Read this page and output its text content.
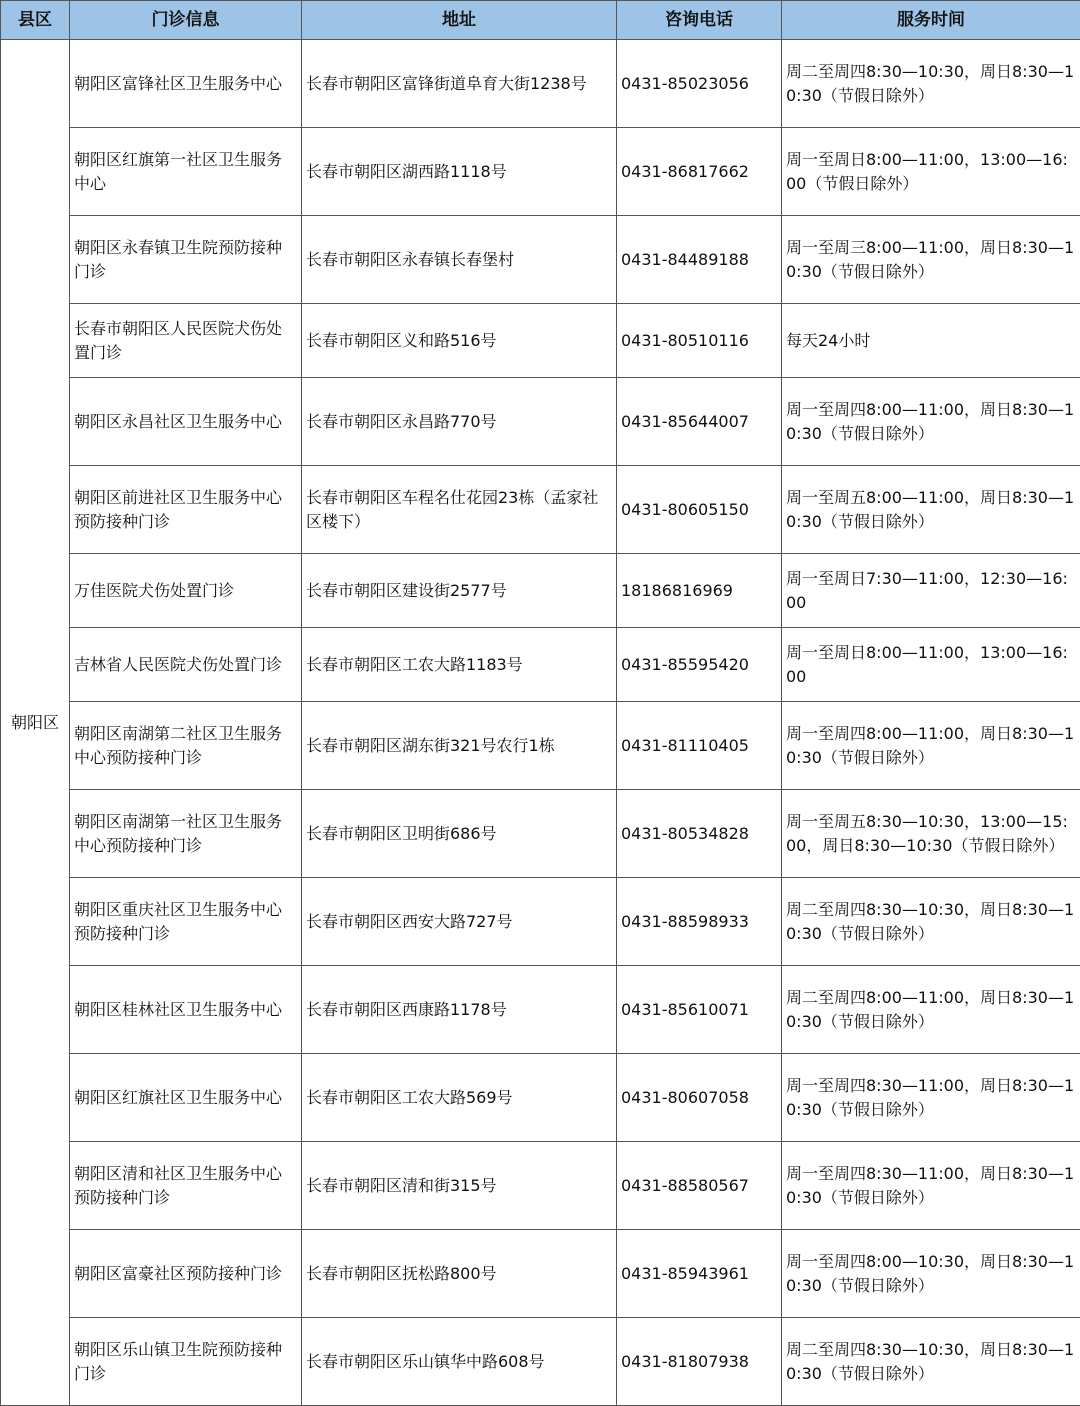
县区	门诊信息	地址	咨询电话	服务时间
朝阳区	朝阳区富锋社区卫生服务中心	长春市朝阳区富锋街道阜育大街1238号	0431-85023056	周二至周四8:30—10:30，周日8:30—10:30（节假日除外）
	朝阳区红旗第一社区卫生服务中心	长春市朝阳区湖西路1118号	0431-86817662	周一至周日8:00—11:00，13:00—16:00（节假日除外）
	朝阳区永春镇卫生院预防接种门诊	长春市朝阳区永春镇长春堡村	0431-84489188	周一至周三8:00—11:00，周日8:30—10:30（节假日除外）
	长春市朝阳区人民医院犬伤处置门诊	长春市朝阳区义和路516号	0431-80510116	每天24小时
	朝阳区永昌社区卫生服务中心	长春市朝阳区永昌路770号	0431-85644007	周一至周四8:00—11:00，周日8:30—10:30（节假日除外）
	朝阳区前进社区卫生服务中心预防接种门诊	长春市朝阳区车程名仕花园23栋（孟家社区楼下）	0431-80605150	周一至周五8:00—11:00，周日8:30—10:30（节假日除外）
	万佳医院犬伤处置门诊	长春市朝阳区建设街2577号	18186816969	周一至周日7:30—11:00，12:30—16:00
	吉林省人民医院犬伤处置门诊	长春市朝阳区工农大路1183号	0431-85595420	周一至周日8:00—11:00，13:00—16:00
	朝阳区南湖第二社区卫生服务中心预防接种门诊	长春市朝阳区湖东街321号农行1栋	0431-81110405	周一至周四8:00—11:00，周日8:30—10:30（节假日除外）
	朝阳区南湖第一社区卫生服务中心预防接种门诊	长春市朝阳区卫明街686号	0431-80534828	周一至周五8:30—10:30，13:00—15:00，周日8:30—10:30（节假日除外）
	朝阳区重庆社区卫生服务中心预防接种门诊	长春市朝阳区西安大路727号	0431-88598933	周二至周四8:30—10:30，周日8:30—10:30（节假日除外）
	朝阳区桂林社区卫生服务中心	长春市朝阳区西康路1178号	0431-85610071	周二至周四8:00—11:00，周日8:30—10:30（节假日除外）
	朝阳区红旗社区卫生服务中心	长春市朝阳区工农大路569号	0431-80607058	周一至周四8:30—11:00，周日8:30—10:30（节假日除外）
	朝阳区清和社区卫生服务中心预防接种门诊	长春市朝阳区清和街315号	0431-88580567	周一至周四8:30—11:00，周日8:30—10:30（节假日除外）
	朝阳区富豪社区预防接种门诊	长春市朝阳区抚松路800号	0431-85943961	周一至周四8:00—10:30，周日8:30—10:30（节假日除外）
	朝阳区乐山镇卫生院预防接种门诊	长春市朝阳区乐山镇华中路608号	0431-81807938	周二至周四8:30—10:30，周日8:30—10:30（节假日除外）
